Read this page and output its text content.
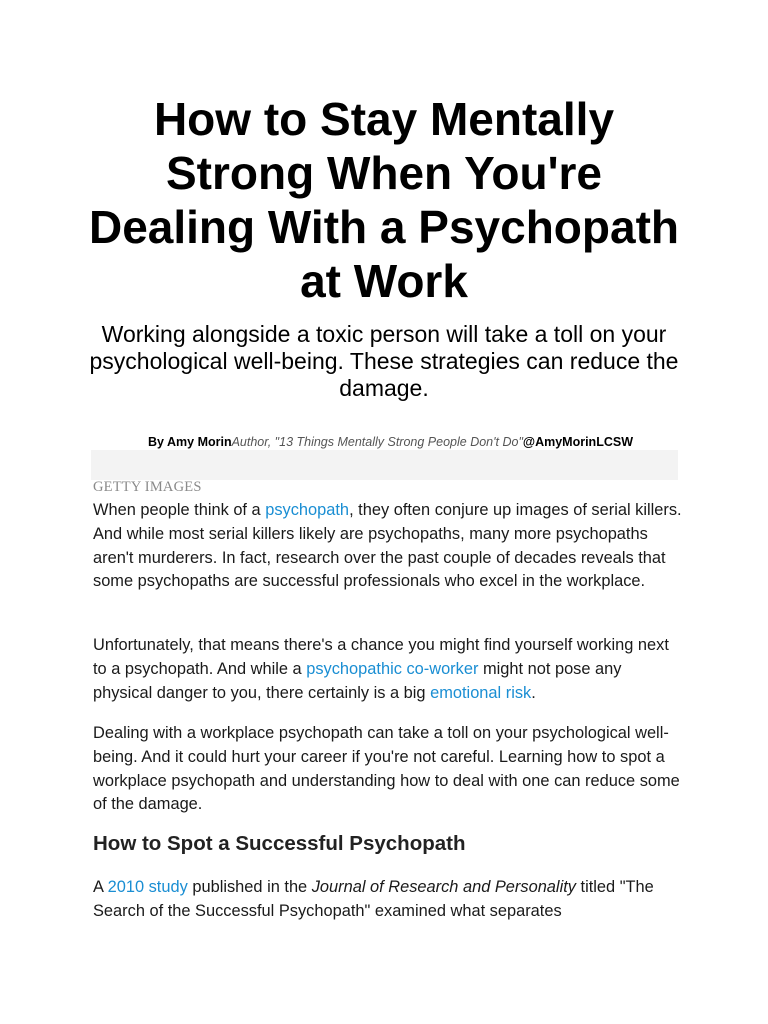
How to Stay Mentally Strong When You're Dealing With a Psychopath at Work

Working alongside a toxic person will take a toll on your psychological well-being. These strategies can reduce the damage.

By Amy MorinAuthor, "13 Things Mentally Strong People Don't Do"@AmyMorinLCSW
GETTY IMAGES

When people think of a psychopath, they often conjure up images of serial killers. And while most serial killers likely are psychopaths, many more psychopaths aren't murderers. In fact, research over the past couple of decades reveals that some psychopaths are successful professionals who excel in the workplace.

Unfortunately, that means there's a chance you might find yourself working next to a psychopath. And while a psychopathic co-worker might not pose any physical danger to you, there certainly is a big emotional risk.

Dealing with a workplace psychopath can take a toll on your psychological well-being. And it could hurt your career if you're not careful. Learning how to spot a workplace psychopath and understanding how to deal with one can reduce some of the damage.

How to Spot a Successful Psychopath

A 2010 study published in the Journal of Research and Personality titled "The Search of the Successful Psychopath" examined what separates
